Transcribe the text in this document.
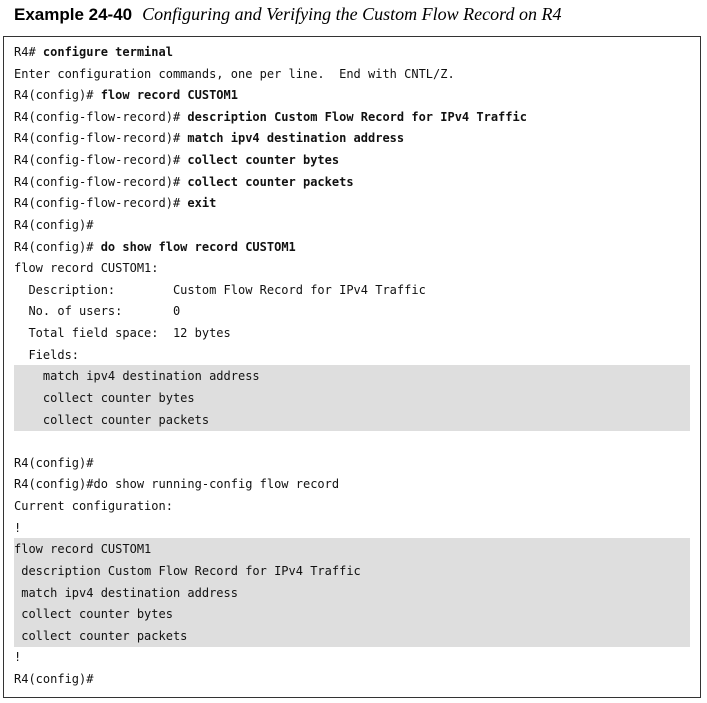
Example 24-40 Configuring and Verifying the Custom Flow Record on R4
R4# configure terminal
Enter configuration commands, one per line.  End with CNTL/Z.
R4(config)# flow record CUSTOM1
R4(config-flow-record)# description Custom Flow Record for IPv4 Traffic
R4(config-flow-record)# match ipv4 destination address
R4(config-flow-record)# collect counter bytes
R4(config-flow-record)# collect counter packets
R4(config-flow-record)# exit
R4(config)#
R4(config)# do show flow record CUSTOM1
flow record CUSTOM1:
Description:        Custom Flow Record for IPv4 Traffic
No. of users:       0
Total field space:  12 bytes
Fields:
match ipv4 destination address
collect counter bytes
collect counter packets
R4(config)#
R4(config)#do show running-config flow record
Current configuration:
!
flow record CUSTOM1
description Custom Flow Record for IPv4 Traffic
match ipv4 destination address
collect counter bytes
collect counter packets
!
R4(config)#
